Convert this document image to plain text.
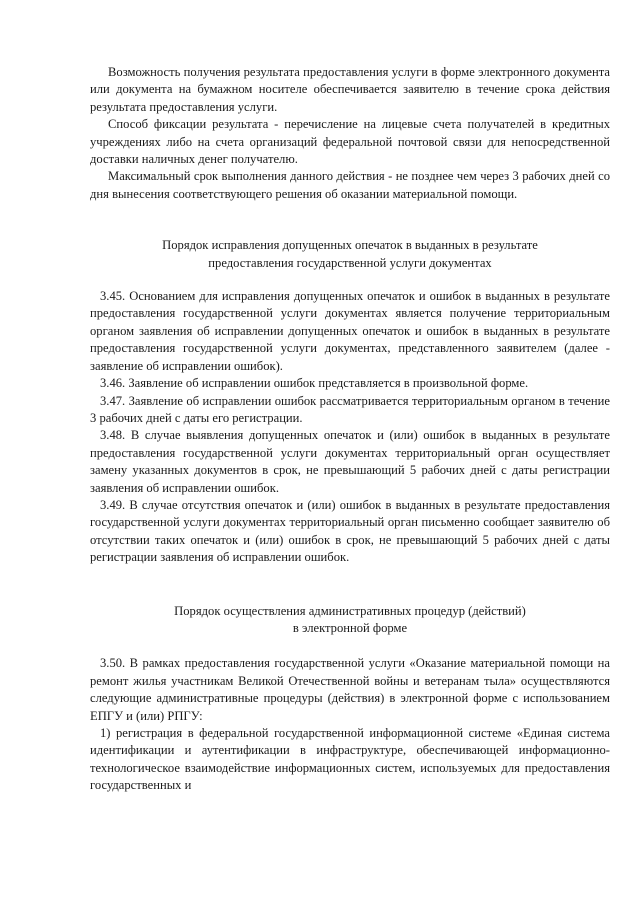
Возможность получения результата предоставления услуги в форме электронного документа или документа на бумажном носителе обеспечивается заявителю в течение срока действия результата предоставления услуги.

Способ фиксации результата - перечисление на лицевые счета получателей в кредитных учреждениях либо на счета организаций федеральной почтовой связи для непосредственной доставки наличных денег получателю.

Максимальный срок выполнения данного действия - не позднее чем через 3 рабочих дней со дня вынесения соответствующего решения об оказании материальной помощи.

Порядок исправления допущенных опечаток в выданных в результате

предоставления государственной услуги документах

3.45. Основанием для исправления допущенных опечаток и ошибок в выданных в результате предоставления государственной услуги документах является получение территориальным органом заявления об исправлении допущенных опечаток и ошибок в выданных в результате предоставления государственной услуги документах, представленного заявителем (далее - заявление об исправлении ошибок).

3.46. Заявление об исправлении ошибок представляется в произвольной форме.

3.47. Заявление об исправлении ошибок рассматривается территориальным органом в течение 3 рабочих дней с даты его регистрации.

3.48. В случае выявления допущенных опечаток и (или) ошибок в выданных в результате предоставления государственной услуги документах территориальный орган осуществляет замену указанных документов в срок, не превышающий 5 рабочих дней с даты регистрации заявления об исправлении ошибок.

3.49. В случае отсутствия опечаток и (или) ошибок в выданных в результате предоставления государственной услуги документах территориальный орган письменно сообщает заявителю об отсутствии таких опечаток и (или) ошибок в срок, не превышающий 5 рабочих дней с даты регистрации заявления об исправлении ошибок.

Порядок осуществления административных процедур (действий)

в электронной форме

3.50. В рамках предоставления государственной услуги «Оказание материальной помощи на ремонт жилья участникам Великой Отечественной войны и ветеранам тыла» осуществляются следующие административные процедуры (действия) в электронной форме с использованием ЕПГУ и (или) РПГУ:

1) регистрация в федеральной государственной информационной системе «Единая система идентификации и аутентификации в инфраструктуре, обеспечивающей информационно-технологическое взаимодействие информационных систем, используемых для предоставления государственных и
